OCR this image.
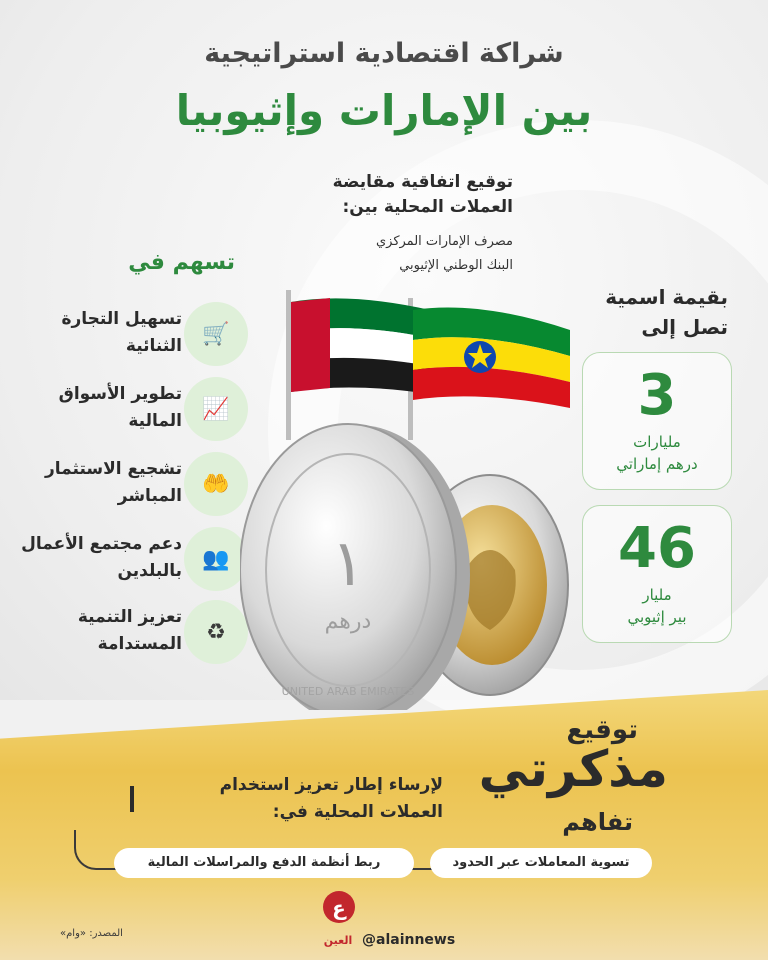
شراكة اقتصادية استراتيجية
بين الإمارات وإثيوبيا
توقيع اتفاقية مقايضة
العملات المحلية بين:
مصرف الإمارات المركزي
البنك الوطني الإثيوبي
تسهم في
🛒
تسهيل التجارة
الثنائية
📈
تطوير الأسواق
المالية
🤲
تشجيع الاستثمار
المباشر
👥
دعم مجتمع الأعمال
بالبلدين
♻
تعزيز التنمية
المستدامة
بقيمة اسمية
تصل إلى
3
مليارات
درهم إماراتي
46
مليار
بير إثيوبي
١
درهم
UNITED ARAB EMIRATES
توقيع
مذكرتي
تفاهم
لإرساء إطار تعزيز استخدام
العملات المحلية في:
تسوية المعاملات عبر الحدود
ربط أنظمة الدفع والمراسلات المالية
المصدر: «وام»
ع
العين @alainnews
